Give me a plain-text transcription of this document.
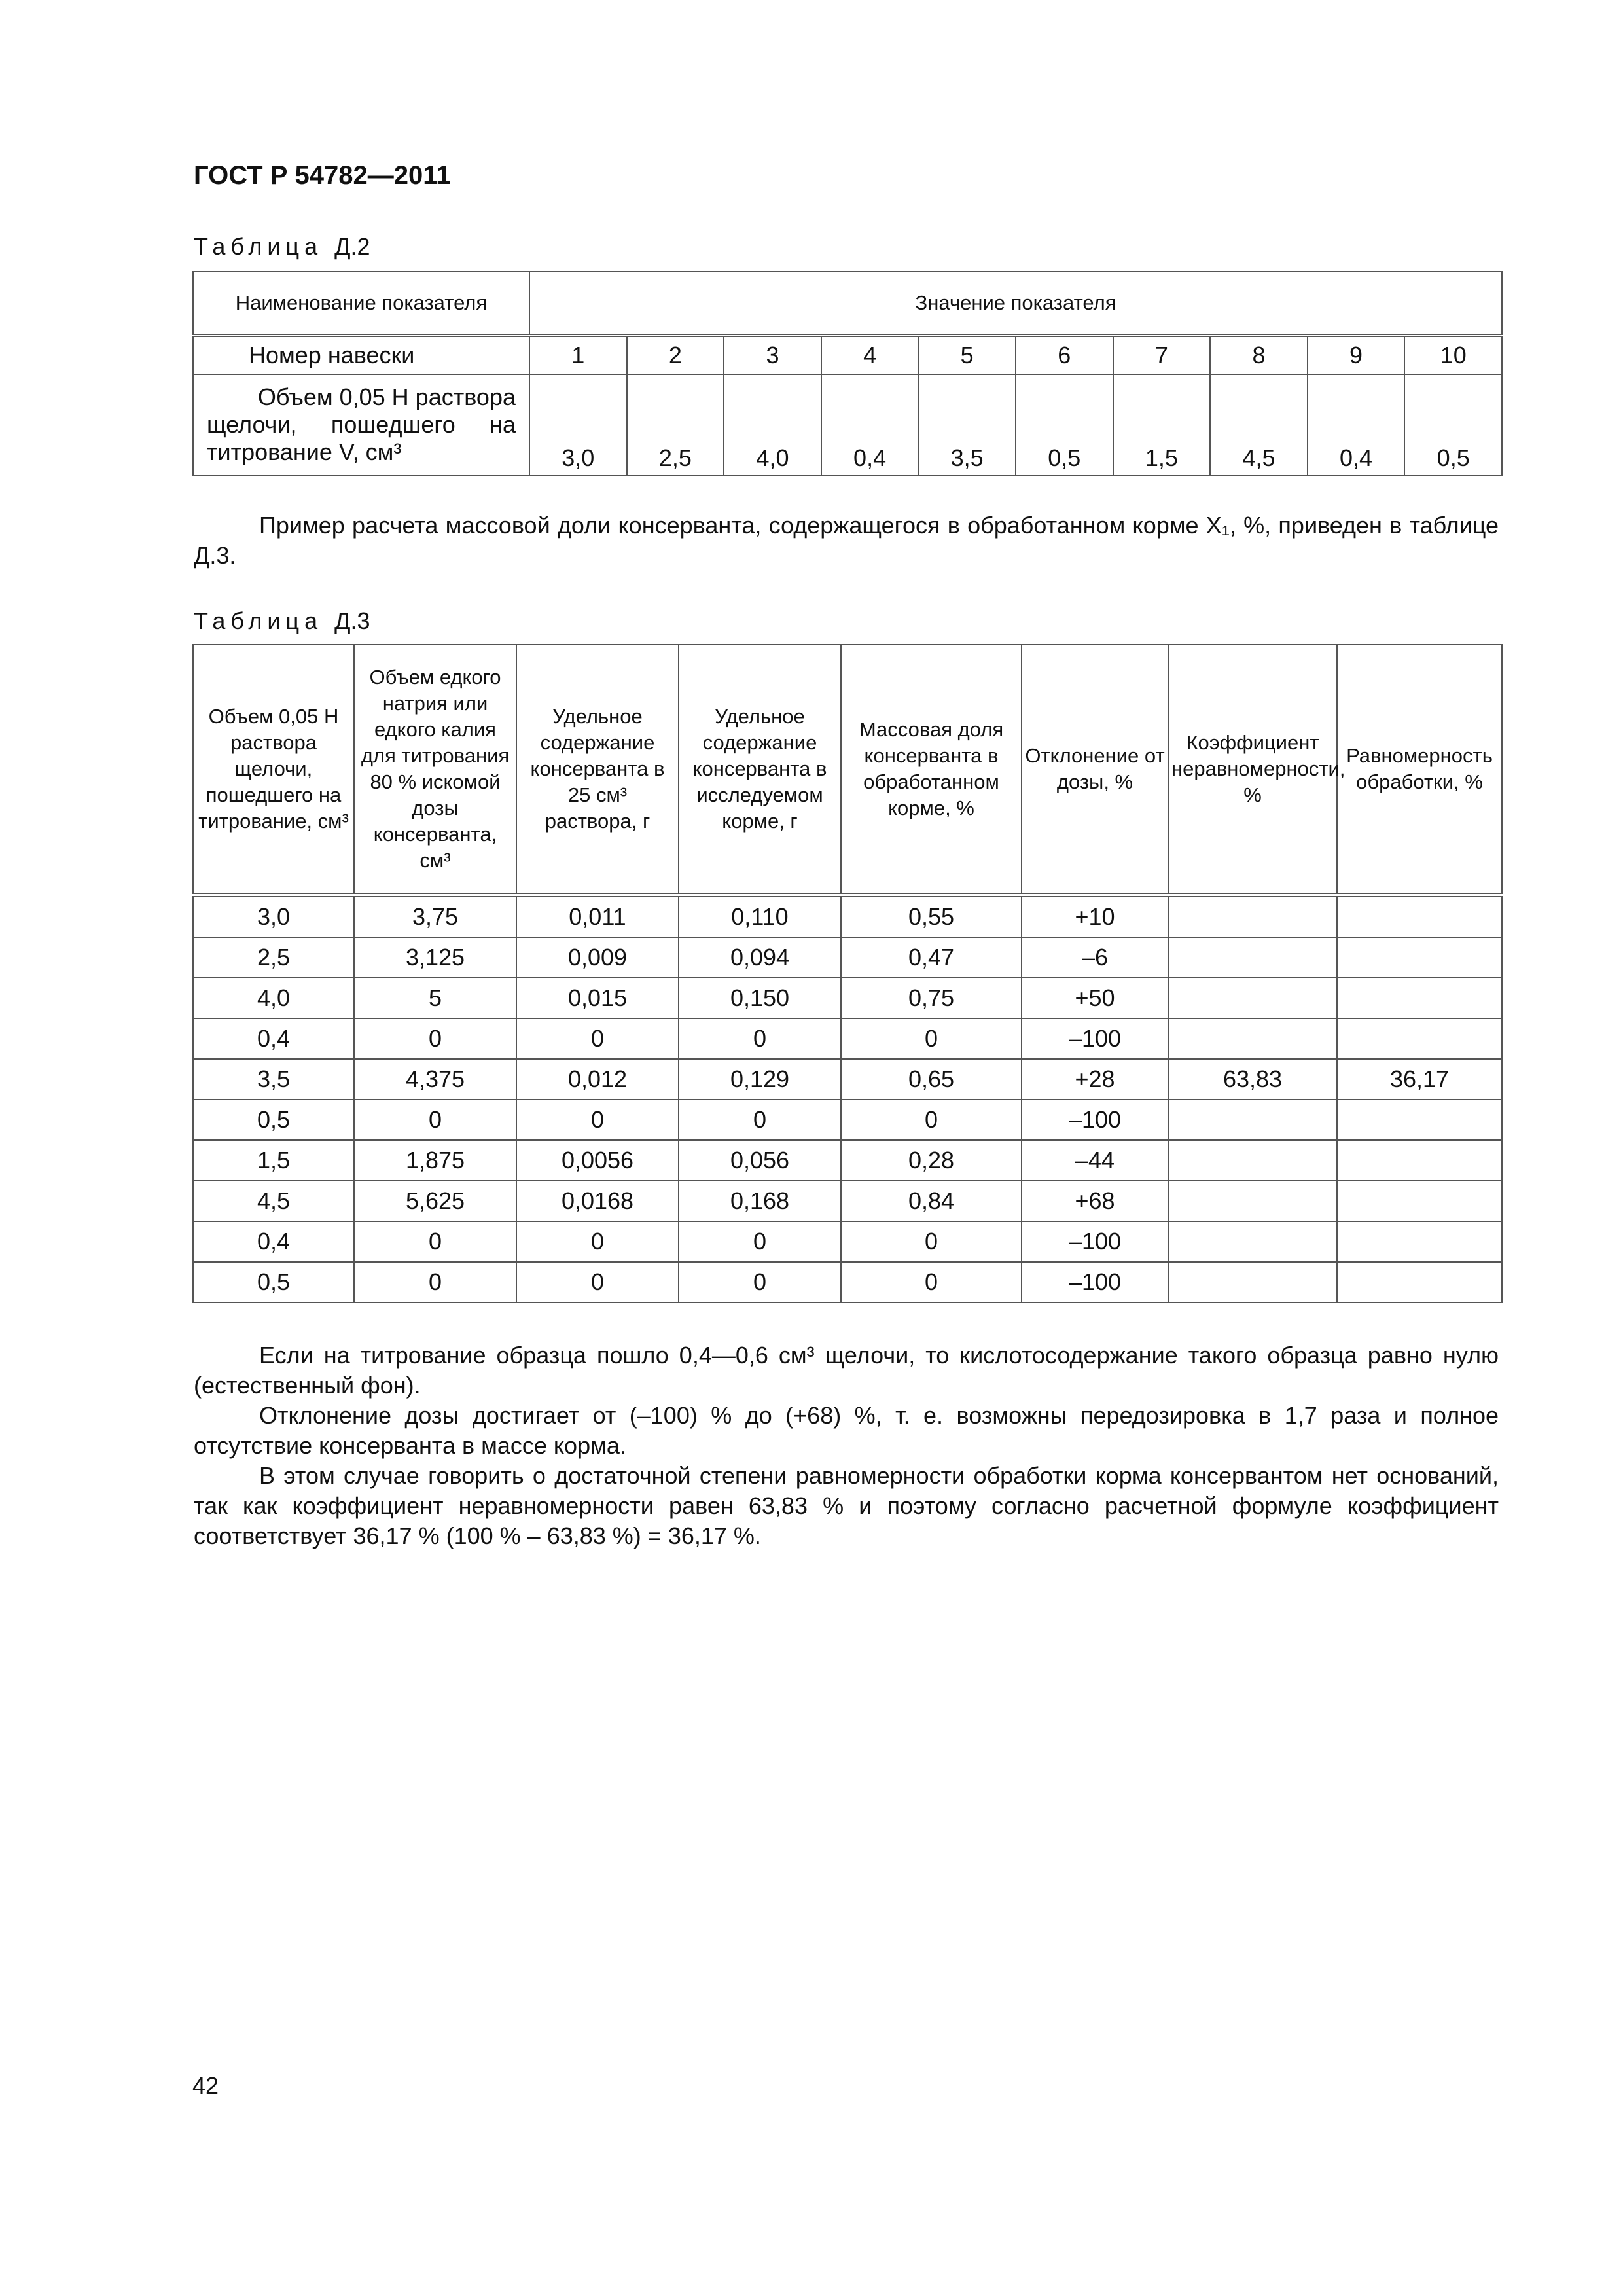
ГОСТ Р 54782—2011
Таблица Д.2
Наименование показателя	Значение показателя									
Номер навески	1	2	3	4	5	6	7	8	9	10

Объем 0,05 Н раствора
щелочи, пошедшего на
титрование V, см³	3,0	2,5	4,0	0,4	3,5	0,5	1,5	4,5	0,4	0,5
Пример расчета массовой доли консерванта, содержащегося в обработанном корме X₁, %, приведен в таблице Д.3.
Таблица Д.3
Объем 0,05 Н раствора щелочи, пошедшего на титрование, см³	Объем едкого натрия или едкого калия для титрования 80 % искомой дозы консерванта, см³	Удельное содержание консерванта в 25 см³ раствора, г	Удельное содержание консерванта в исследуемом корме, г	Массовая доля консерванта в обработанном корме, %	Отклонение от дозы, %	Коэффициент неравномерности, %	Равномерность обработки, %
3,0	3,75	0,011	0,110	0,55	+10		
2,5	3,125	0,009	0,094	0,47	–6		
4,0	5	0,015	0,150	0,75	+50		
0,4	0	0	0	0	–100		
3,5	4,375	0,012	0,129	0,65	+28	63,83	36,17
0,5	0	0	0	0	–100		
1,5	1,875	0,0056	0,056	0,28	–44		
4,5	5,625	0,0168	0,168	0,84	+68		
0,4	0	0	0	0	–100		
0,5	0	0	0	0	–100		
Если на титрование образца пошло 0,4—0,6 см³ щелочи, то кислотосодержание такого образца равно нулю (естественный фон).
Отклонение дозы достигает от (–100) % до (+68) %, т. е. возможны передозировка в 1,7 раза и полное отсутствие консерванта в массе корма.
В этом случае говорить о достаточной степени равномерности обработки корма консервантом нет оснований, так как коэффициент неравномерности равен 63,83 % и поэтому согласно расчетной формуле коэффициент соответствует 36,17 % (100 % – 63,83 %) = 36,17 %.
42
